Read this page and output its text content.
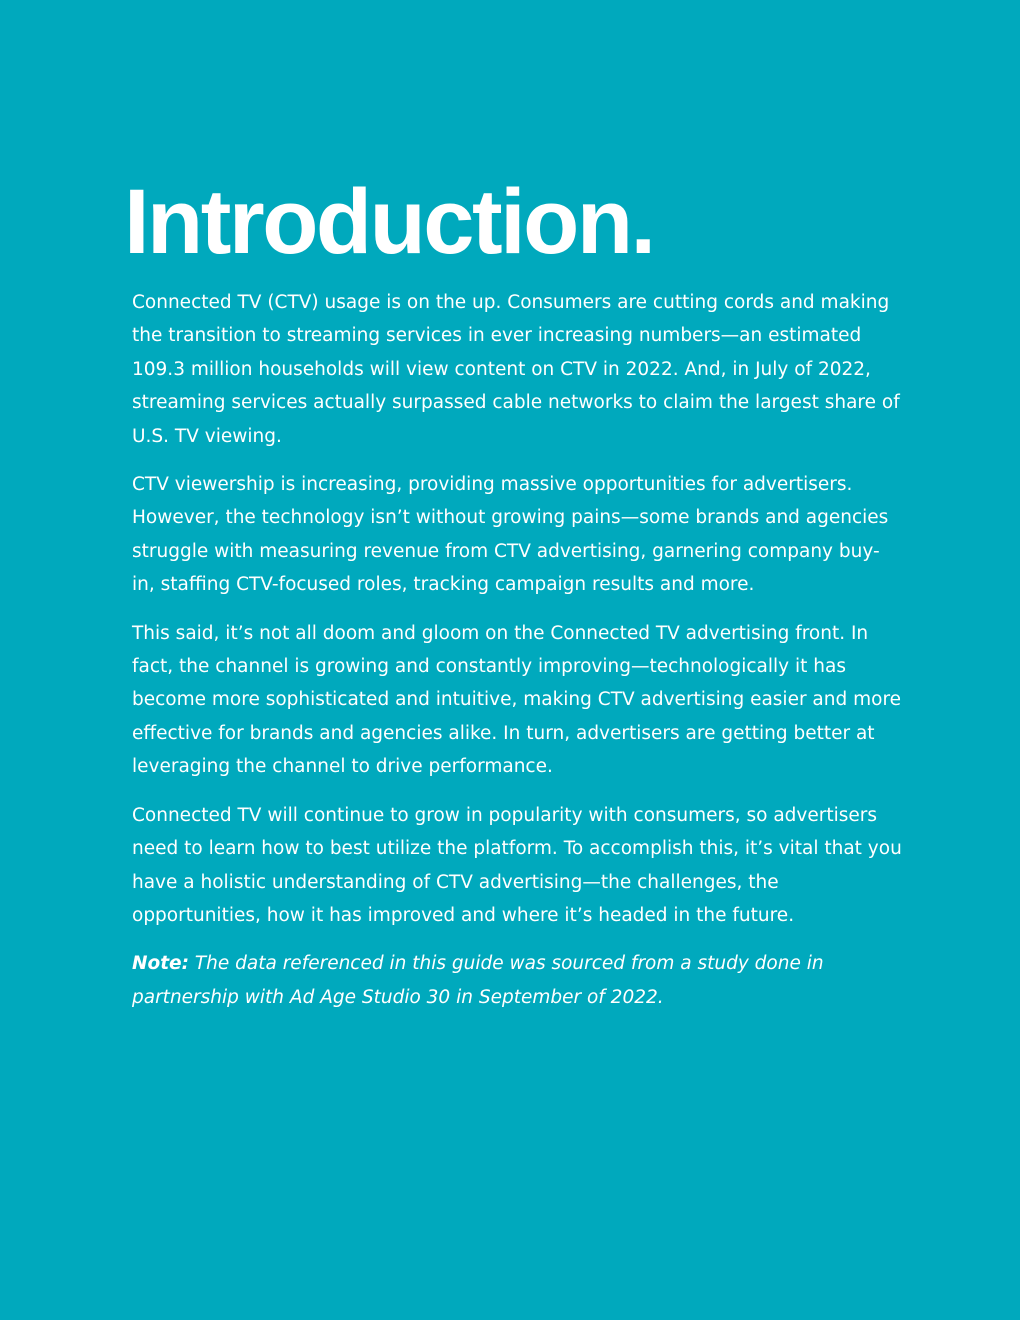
Introduction.

Connected TV (CTV) usage is on the up. Consumers are cutting cords and making the transition to streaming services in ever increasing numbers—an estimated 109.3 million households will view content on CTV in 2022. And, in July of 2022, streaming services actually surpassed cable networks to claim the largest share of U.S. TV viewing.

CTV viewership is increasing, providing massive opportunities for advertisers. However, the technology isn’t without growing pains—some brands and agencies struggle with measuring revenue from CTV advertising, garnering company buy-in, staffing CTV-focused roles, tracking campaign results and more.

This said, it’s not all doom and gloom on the Connected TV advertising front. In fact, the channel is growing and constantly improving—technologically it has become more sophisticated and intuitive, making CTV advertising easier and more effective for brands and agencies alike. In turn, advertisers are getting better at leveraging the channel to drive performance.

Connected TV will continue to grow in popularity with consumers, so advertisers need to learn how to best utilize the platform. To accomplish this, it’s vital that you have a holistic understanding of CTV advertising—the challenges, the opportunities, how it has improved and where it’s headed in the future.

Note: The data referenced in this guide was sourced from a study done in partnership with Ad Age Studio 30 in September of 2022.
